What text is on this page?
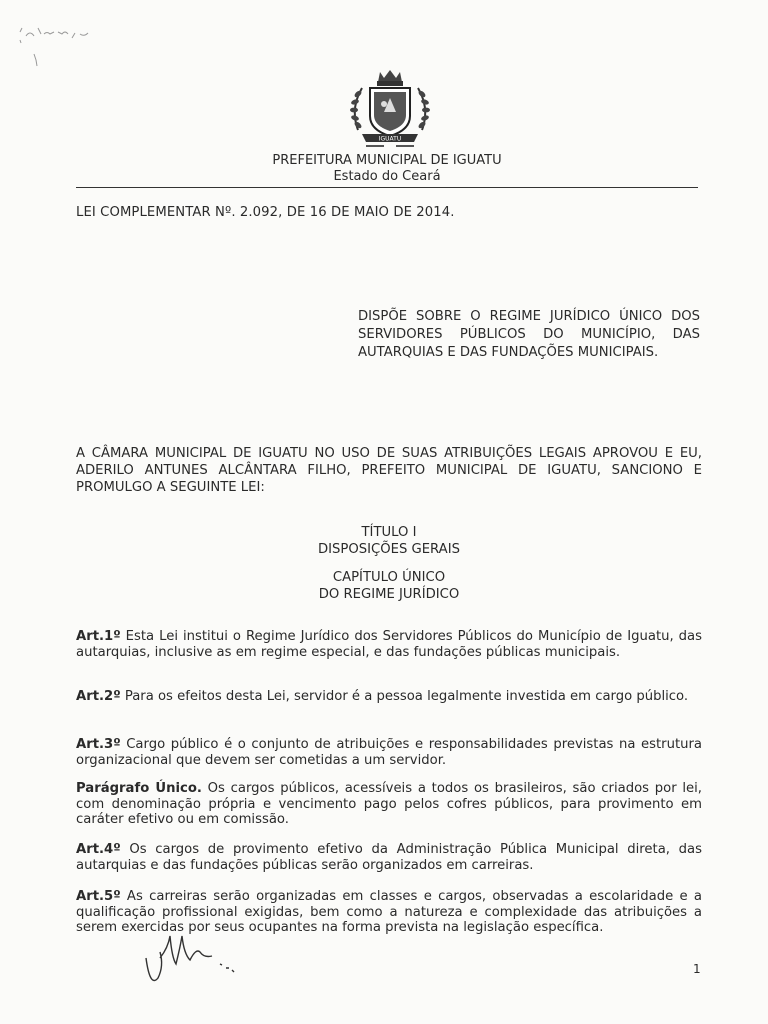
IGUATU
PREFEITURA MUNICIPAL DE IGUATU
Estado do Ceará
LEI COMPLEMENTAR Nº. 2.092, DE 16 DE MAIO DE 2014.
DISPÕE SOBRE O REGIME JURÍDICO ÚNICO DOS SERVIDORES PÚBLICOS DO MUNICÍPIO, DAS AUTARQUIAS E DAS FUNDAÇÕES MUNICIPAIS.
A CÂMARA MUNICIPAL DE IGUATU NO USO DE SUAS ATRIBUIÇÕES LEGAIS APROVOU E EU, ADERILO ANTUNES ALCÂNTARA FILHO, PREFEITO MUNICIPAL DE IGUATU, SANCIONO E PROMULGO A SEGUINTE LEI:
TÍTULO I
DISPOSIÇÕES GERAIS
CAPÍTULO ÚNICO
DO REGIME JURÍDICO
Art.1º Esta Lei institui o Regime Jurídico dos Servidores Públicos do Município de Iguatu, das autarquias, inclusive as em regime especial, e das fundações públicas municipais.
Art.2º Para os efeitos desta Lei, servidor é a pessoa legalmente investida em cargo público.
Art.3º Cargo público é o conjunto de atribuições e responsabilidades previstas na estrutura organizacional que devem ser cometidas a um servidor.
Parágrafo Único. Os cargos públicos, acessíveis a todos os brasileiros, são criados por lei, com denominação própria e vencimento pago pelos cofres públicos, para provimento em caráter efetivo ou em comissão.
Art.4º Os cargos de provimento efetivo da Administração Pública Municipal direta, das autarquias e das fundações públicas serão organizados em carreiras.
Art.5º As carreiras serão organizadas em classes e cargos, observadas a escolaridade e a qualificação profissional exigidas, bem como a natureza e complexidade das atribuições a serem exercidas por seus ocupantes na forma prevista na legislação específica.
1
